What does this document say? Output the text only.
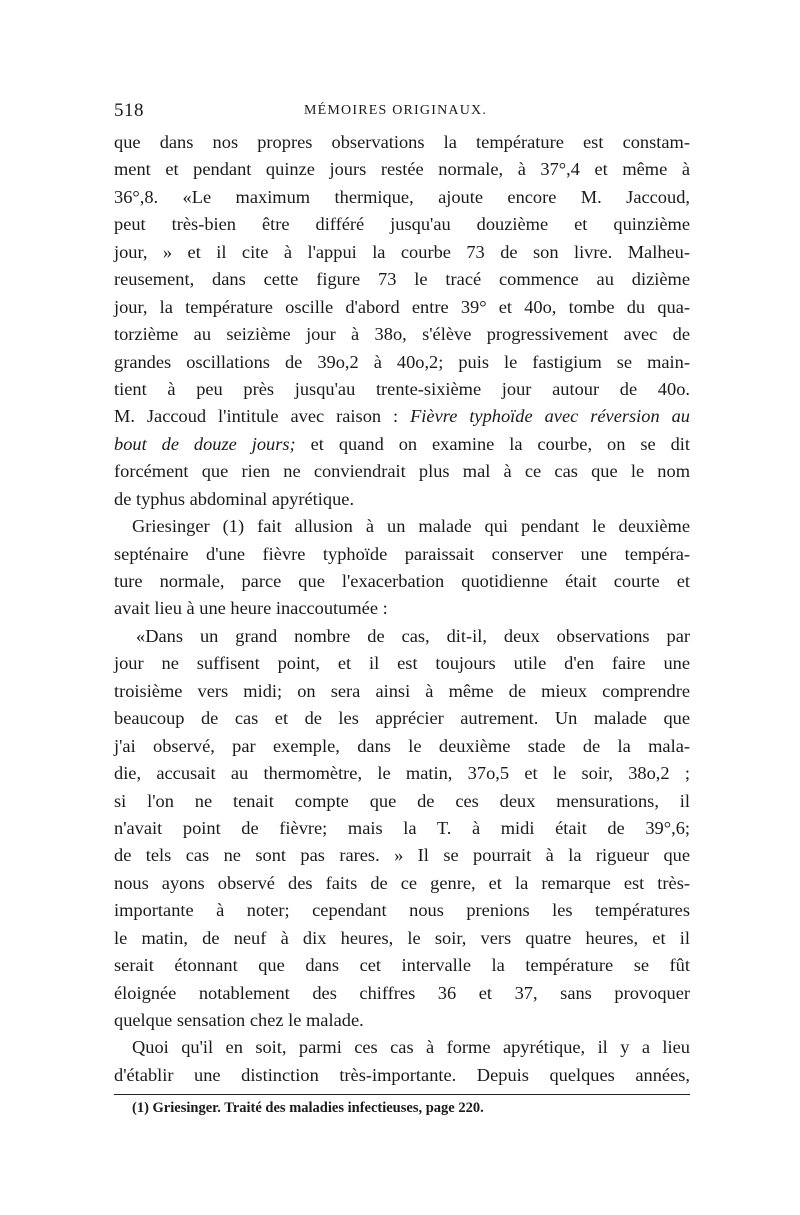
518	MÉMOIRES ORIGINAUX.
que dans nos propres observations la température est constam-
ment et pendant quinze jours restée normale, à 37°,4 et même à
36°,8. «Le maximum thermique, ajoute encore M. Jaccoud,
peut très-bien être différé jusqu'au douzième et quinzième
jour, » et il cite à l'appui la courbe 73 de son livre. Malheu-
reusement, dans cette figure 73 le tracé commence au dizième
jour, la température oscille d'abord entre 39° et 40o, tombe du qua-
torzième au seizième jour à 38o, s'élève progressivement avec de
grandes oscillations de 39o,2 à 40o,2; puis le fastigium se main-
tient à peu près jusqu'au trente-sixième jour autour de 40o.
M. Jaccoud l'intitule avec raison : Fièvre typhoïde avec réversion au
bout de douze jours; et quand on examine la courbe, on se dit
forcément que rien ne conviendrait plus mal à ce cas que le nom
de typhus abdominal apyrétique.
Griesinger (1) fait allusion à un malade qui pendant le deuxième
septénaire d'une fièvre typhoïde paraissait conserver une tempéra-
ture normale, parce que l'exacerbation quotidienne était courte et
avait lieu à une heure inaccoutumée :
«Dans un grand nombre de cas, dit-il, deux observations par
jour ne suffisent point, et il est toujours utile d'en faire une
troisième vers midi; on sera ainsi à même de mieux comprendre
beaucoup de cas et de les apprécier autrement. Un malade que
j'ai observé, par exemple, dans le deuxième stade de la mala-
die, accusait au thermomètre, le matin, 37o,5 et le soir, 38o,2 ;
si l'on ne tenait compte que de ces deux mensurations, il
n'avait point de fièvre; mais la T. à midi était de 39°,6;
de tels cas ne sont pas rares. » Il se pourrait à la rigueur que
nous ayons observé des faits de ce genre, et la remarque est très-
importante à noter; cependant nous prenions les températures
le matin, de neuf à dix heures, le soir, vers quatre heures, et il
serait étonnant que dans cet intervalle la température se fût
éloignée notablement des chiffres 36 et 37, sans provoquer
quelque sensation chez le malade.
Quoi qu'il en soit, parmi ces cas à forme apyrétique, il y a lieu
d'établir une distinction très-importante. Depuis quelques années,
(1) Griesinger. Traité des maladies infectieuses, page 220.
